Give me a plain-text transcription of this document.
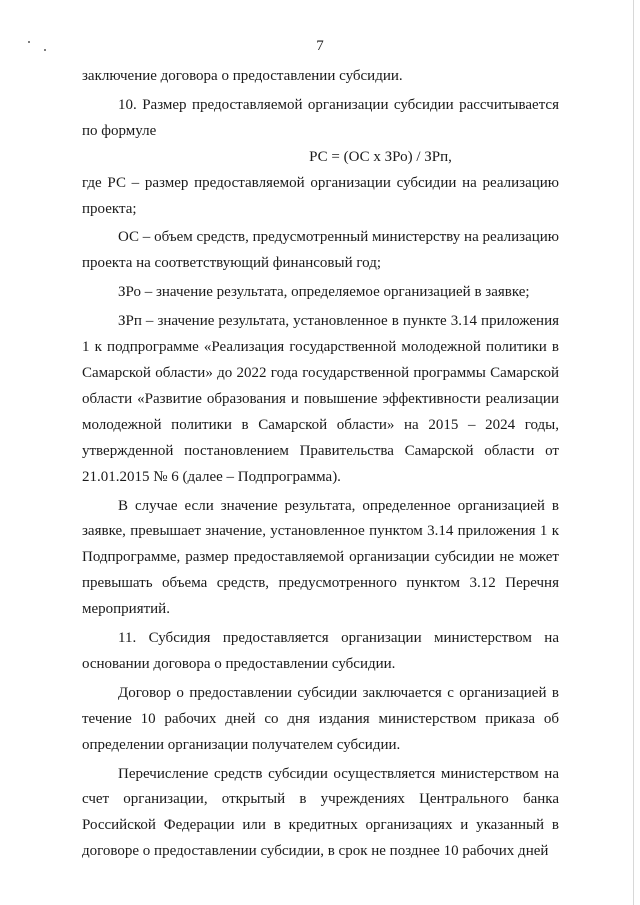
7

заключение договора о предоставлении субсидии.

10. Размер предоставляемой организации субсидии рассчитывается по формуле

РС = (ОС х ЗРо) / ЗРп,

где РС – размер предоставляемой организации субсидии на реализацию проекта;

ОС – объем средств, предусмотренный министерству на реализацию проекта на соответствующий финансовый год;

ЗРо – значение результата, определяемое организацией в заявке;

ЗРп – значение результата, установленное в пункте 3.14 приложения 1 к подпрограмме «Реализация государственной молодежной политики в Самарской области» до 2022 года государственной программы Самарской области «Развитие образования и повышение эффективности реализации молодежной политики в Самарской области» на 2015 – 2024 годы, утвержденной постановлением Правительства Самарской области от 21.01.2015 № 6 (далее – Подпрограмма).

В случае если значение результата, определенное организацией в заявке, превышает значение, установленное пунктом 3.14 приложения 1 к Подпрограмме, размер предоставляемой организации субсидии не может превышать объема средств, предусмотренного пунктом 3.12 Перечня мероприятий.

11. Субсидия предоставляется организации министерством на основании договора о предоставлении субсидии.

Договор о предоставлении субсидии заключается с организацией в течение 10 рабочих дней со дня издания министерством приказа об определении организации получателем субсидии.

Перечисление средств субсидии осуществляется министерством на счет организации, открытый в учреждениях Центрального банка Российской Федерации или в кредитных организациях и указанный в договоре о предоставлении субсидии, в срок не позднее 10 рабочих дней
